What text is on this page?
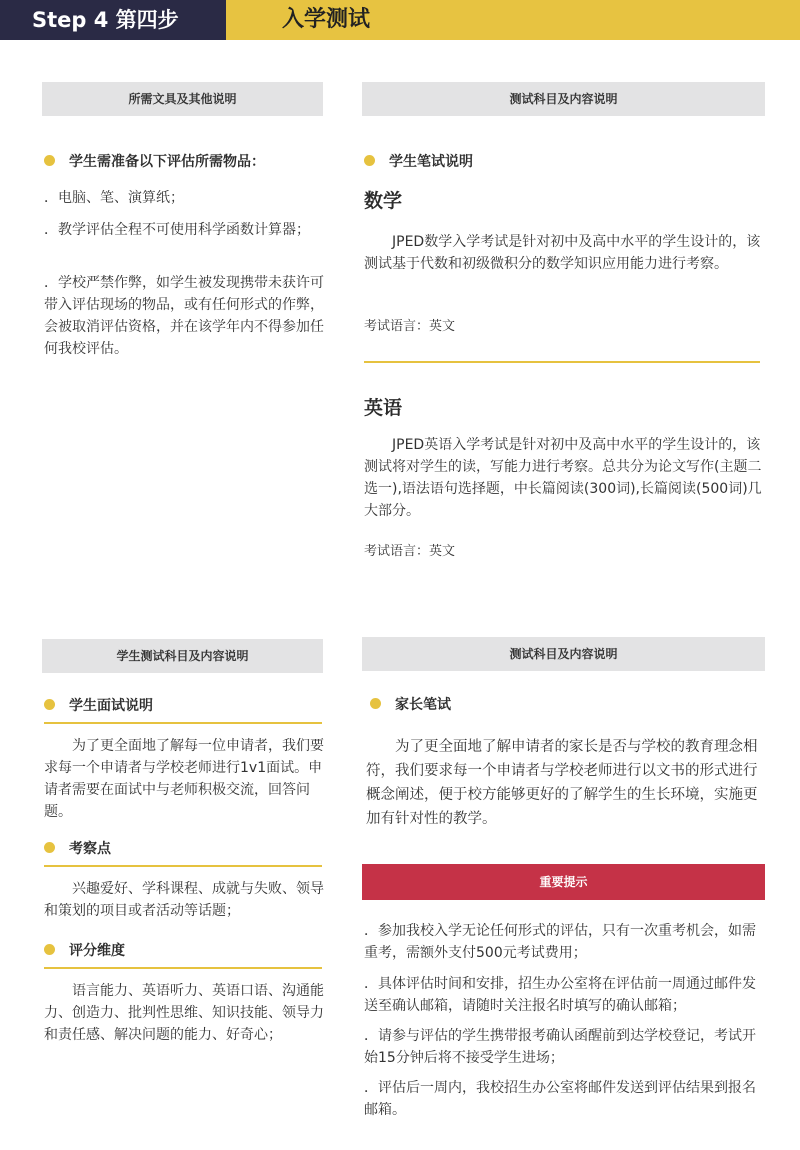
Step 4 第四步	入学测试
所需文具及其他说明
学生需准备以下评估所需物品：
．电脑、笔、演算纸；
．教学评估全程不可使用科学函数计算器；
．学校严禁作弊，如学生被发现携带未获许可带入评估现场的物品，或有任何形式的作弊，会被取消评估资格，并在该学年内不得参加任何我校评估。
测试科目及内容说明
学生笔试说明
数学
JPED数学入学考试是针对初中及高中水平的学生设计的，该测试基于代数和初级微积分的数学知识应用能力进行考察。
考试语言：英文
英语
JPED英语入学考试是针对初中及高中水平的学生设计的，该测试将对学生的读，写能力进行考察。总共分为论文写作(主题二选一),语法语句选择题，中长篇阅读(300词),长篇阅读(500词)几大部分。
考试语言：英文
学生测试科目及内容说明
学生面试说明
为了更全面地了解每一位申请者，我们要求每一个申请者与学校老师进行1v1面试。申请者需要在面试中与老师积极交流，回答问题。
考察点
兴趣爱好、学科课程、成就与失败、领导和策划的项目或者活动等话题；
评分维度
语言能力、英语听力、英语口语、沟通能力、创造力、批判性思维、知识技能、领导力和责任感、解决问题的能力、好奇心；
测试科目及内容说明
家长笔试
为了更全面地了解申请者的家长是否与学校的教育理念相符，我们要求每一个申请者与学校老师进行以文书的形式进行概念阐述，便于校方能够更好的了解学生的生长环境，实施更加有针对性的教学。
重要提示
．参加我校入学无论任何形式的评估，只有一次重考机会，如需重考，需额外支付500元考试费用；
．具体评估时间和安排，招生办公室将在评估前一周通过邮件发送至确认邮箱，请随时关注报名时填写的确认邮箱；
．请参与评估的学生携带报考确认函醒前到达学校登记，考试开始15分钟后将不接受学生进场；
．评估后一周内，我校招生办公室将邮件发送到评估结果到报名邮箱。
